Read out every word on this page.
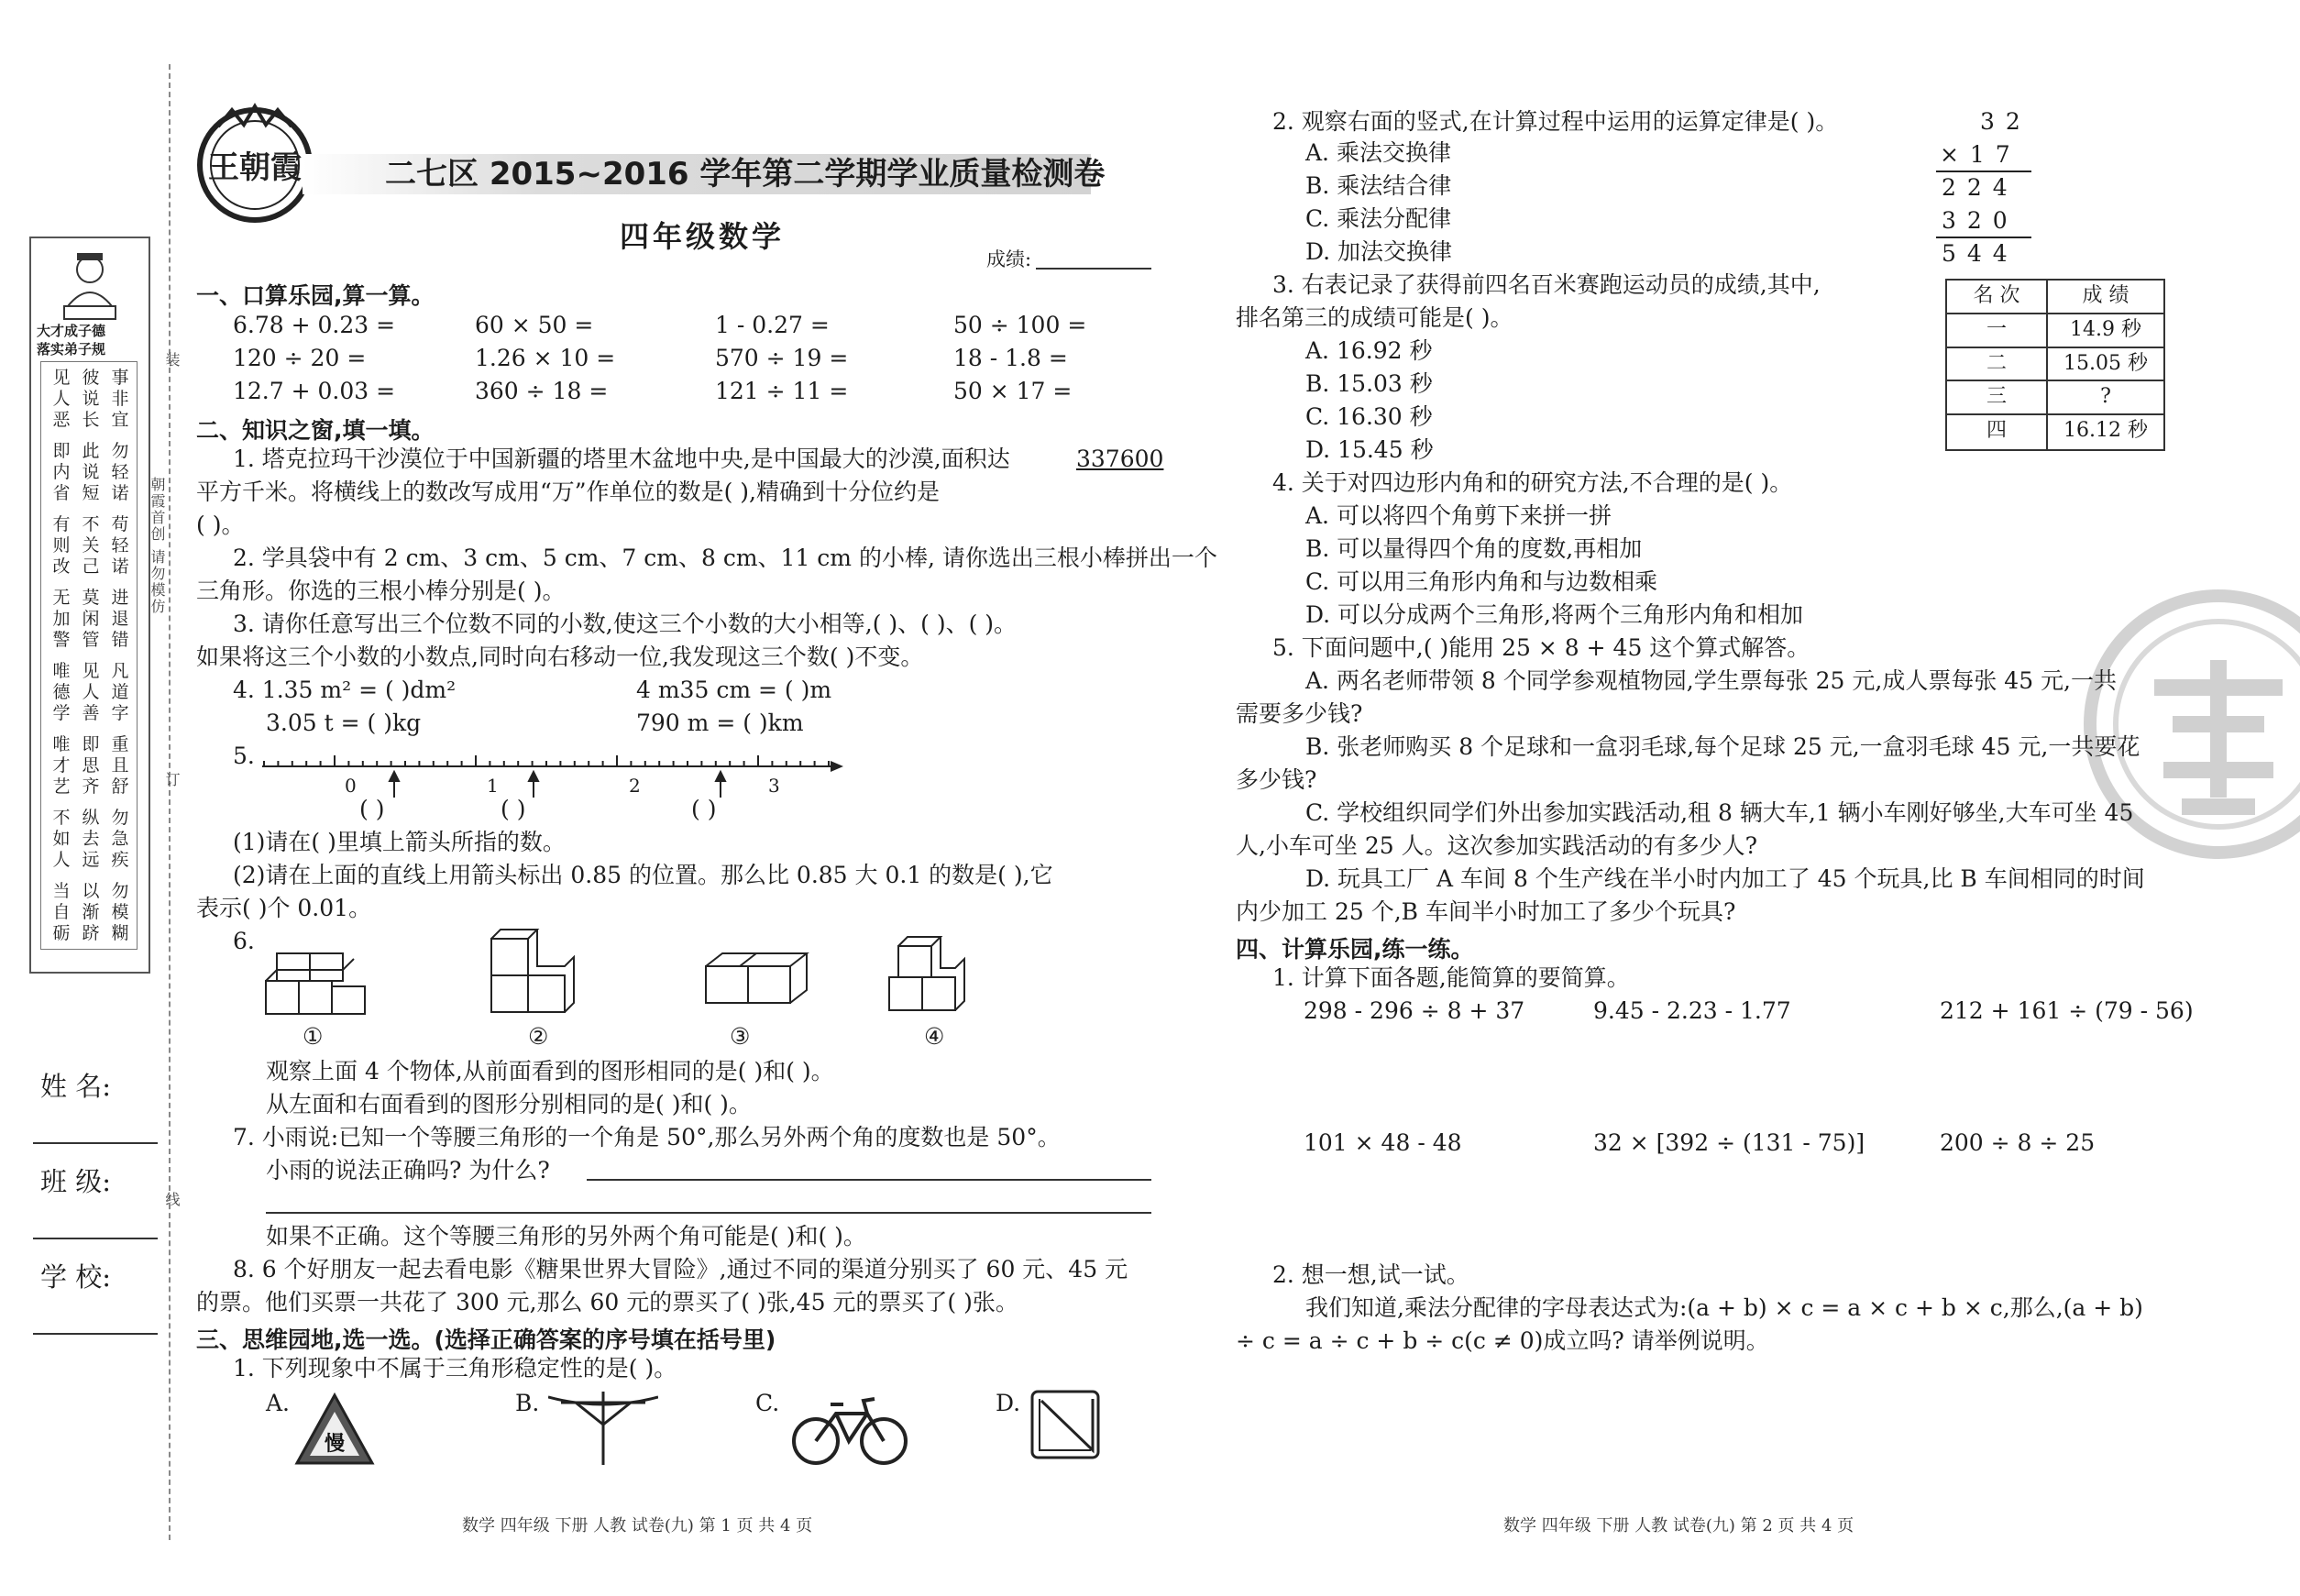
大才成子德
落实弟子规
见 彼 事
人 说 非
恶 长 宜
即 此 勿
内 说 轻
省 短 诺
有 不 苟
则 关 轻
改 己 诺
无 莫 进
加 闲 退
警 管 错
唯 见 凡
德 人 道
学 善 字
唯 即 重
才 思 且
艺 齐 舒
不 纵 勿
如 去 急
人 远 疾
当 以 勿
自 渐 模
砺 跻 糊
装
订
线
朝霞首创 请勿模仿
姓 名:
班 级:
学 校:
王朝霞	二七区 2015~2016 学年第二学期学业质量检测卷
四年级数学
成绩:
一、口算乐园,算一算。
6.78 + 0.23 =	60 × 50 =	1 - 0.27 =	50 ÷ 100 =
120 ÷ 20 =	1.26 × 10 =	570 ÷ 19 =	18 - 1.8 =
12.7 + 0.03 =	360 ÷ 18 =	121 ÷ 11 =	50 × 17 =
二、知识之窗,填一填。
1. 塔克拉玛干沙漠位于中国新疆的塔里木盆地中央,是中国最大的沙漠,面积达	337600
平方千米。将横线上的数改写成用“万”作单位的数是( ),精确到十分位约是
( )。
2. 学具袋中有 2 cm、3 cm、5 cm、7 cm、8 cm、11 cm 的小棒, 请你选出三根小棒拼出一个
三角形。你选的三根小棒分别是( )。
3. 请你任意写出三个位数不同的小数,使这三个小数的大小相等,( )、( )、( )。
如果将这三个小数的小数点,同时向右移动一位,我发现这三个数( )不变。
4. 1.35 m² = ( )dm²	4 m35 cm = ( )m
3.05 t = ( )kg	790 m = ( )km
5.
0	1	2	3
( )	( )	( )
(1)请在( )里填上箭头所指的数。
(2)请在上面的直线上用箭头标出 0.85 的位置。那么比 0.85 大 0.1 的数是( ),它
表示( )个 0.01。
6.
①	②	③	④
观察上面 4 个物体,从前面看到的图形相同的是( )和( )。
从左面和右面看到的图形分别相同的是( )和( )。
7. 小雨说:已知一个等腰三角形的一个角是 50°,那么另外两个角的度数也是 50°。
小雨的说法正确吗? 为什么?
如果不正确。这个等腰三角形的另外两个角可能是( )和( )。
8. 6 个好朋友一起去看电影《糖果世界大冒险》,通过不同的渠道分别买了 60 元、45 元
的票。他们买票一共花了 300 元,那么 60 元的票买了( )张,45 元的票买了( )张。
三、思维园地,选一选。(选择正确答案的序号填在括号里)
1. 下列现象中不属于三角形稳定性的是( )。
A.	B.	C.	D.
慢
2. 观察右面的竖式,在计算过程中运用的运算定律是( )。
A. 乘法交换律
B. 乘法结合律
C. 乘法分配律
D. 加法交换律
3 2
× 1 7
2 2 4
3 2 0
5 4 4
3. 右表记录了获得前四名百米赛跑运动员的成绩,其中,
排名第三的成绩可能是( )。
A. 16.92 秒
B. 15.03 秒
C. 16.30 秒
D. 15.45 秒
名 次	成 绩
一	14.9 秒
二	15.05 秒
三	?
四	16.12 秒
4. 关于对四边形内角和的研究方法,不合理的是( )。
A. 可以将四个角剪下来拼一拼
B. 可以量得四个角的度数,再相加
C. 可以用三角形内角和与边数相乘
D. 可以分成两个三角形,将两个三角形内角和相加
5. 下面问题中,( )能用 25 × 8 + 45 这个算式解答。
A. 两名老师带领 8 个同学参观植物园,学生票每张 25 元,成人票每张 45 元,一共
需要多少钱?
B. 张老师购买 8 个足球和一盒羽毛球,每个足球 25 元,一盒羽毛球 45 元,一共要花
多少钱?
C. 学校组织同学们外出参加实践活动,租 8 辆大车,1 辆小车刚好够坐,大车可坐 45
人,小车可坐 25 人。这次参加实践活动的有多少人?
D. 玩具工厂 A 车间 8 个生产线在半小时内加工了 45 个玩具,比 B 车间相同的时间
内少加工 25 个,B 车间半小时加工了多少个玩具?
四、计算乐园,练一练。
1. 计算下面各题,能简算的要简算。
298 - 296 ÷ 8 + 37	9.45 - 2.23 - 1.77	212 + 161 ÷ (79 - 56)
101 × 48 - 48	32 × [392 ÷ (131 - 75)]	200 ÷ 8 ÷ 25
2. 想一想,试一试。
我们知道,乘法分配律的字母表达式为:(a + b) × c = a × c + b × c,那么,(a + b)
÷ c = a ÷ c + b ÷ c(c ≠ 0)成立吗? 请举例说明。
数学 四年级 下册 人教 试卷(九) 第 1 页 共 4 页	数学 四年级 下册 人教 试卷(九) 第 2 页 共 4 页
